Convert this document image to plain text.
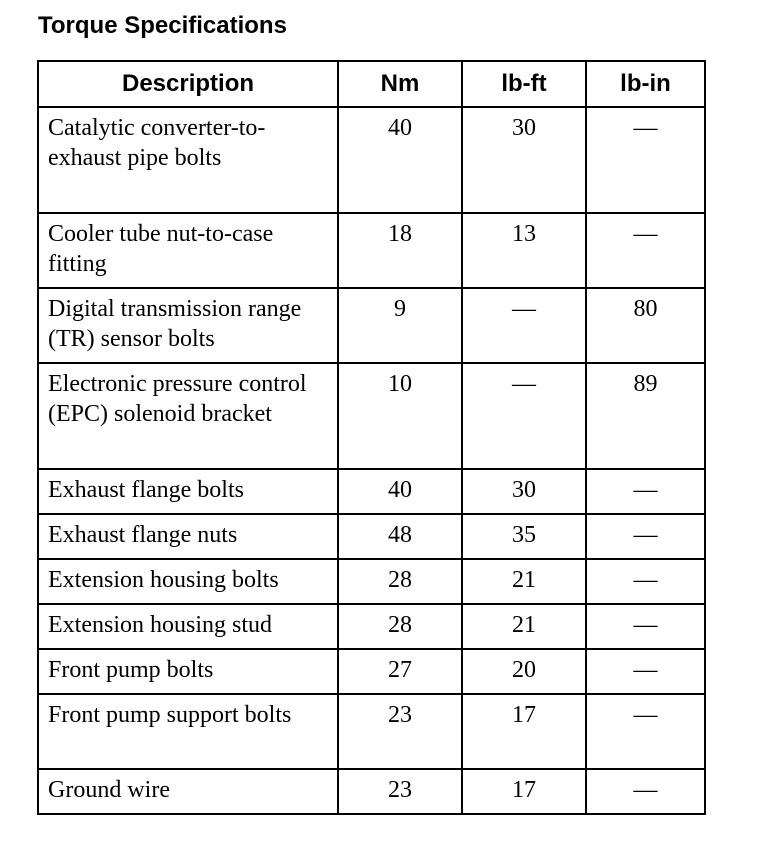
Torque Specifications
Description	Nm	lb-ft	lb-in
Catalytic converter-to-exhaust pipe bolts	40	30	—
Cooler tube nut-to-case fitting	18	13	—
Digital transmission range (TR) sensor bolts	9	—	80
Electronic pressure control (EPC) solenoid bracket	10	—	89
Exhaust flange bolts	40	30	—
Exhaust flange nuts	48	35	—
Extension housing bolts	28	21	—
Extension housing stud	28	21	—
Front pump bolts	27	20	—
Front pump support bolts	23	17	—
Ground wire	23	17	—
